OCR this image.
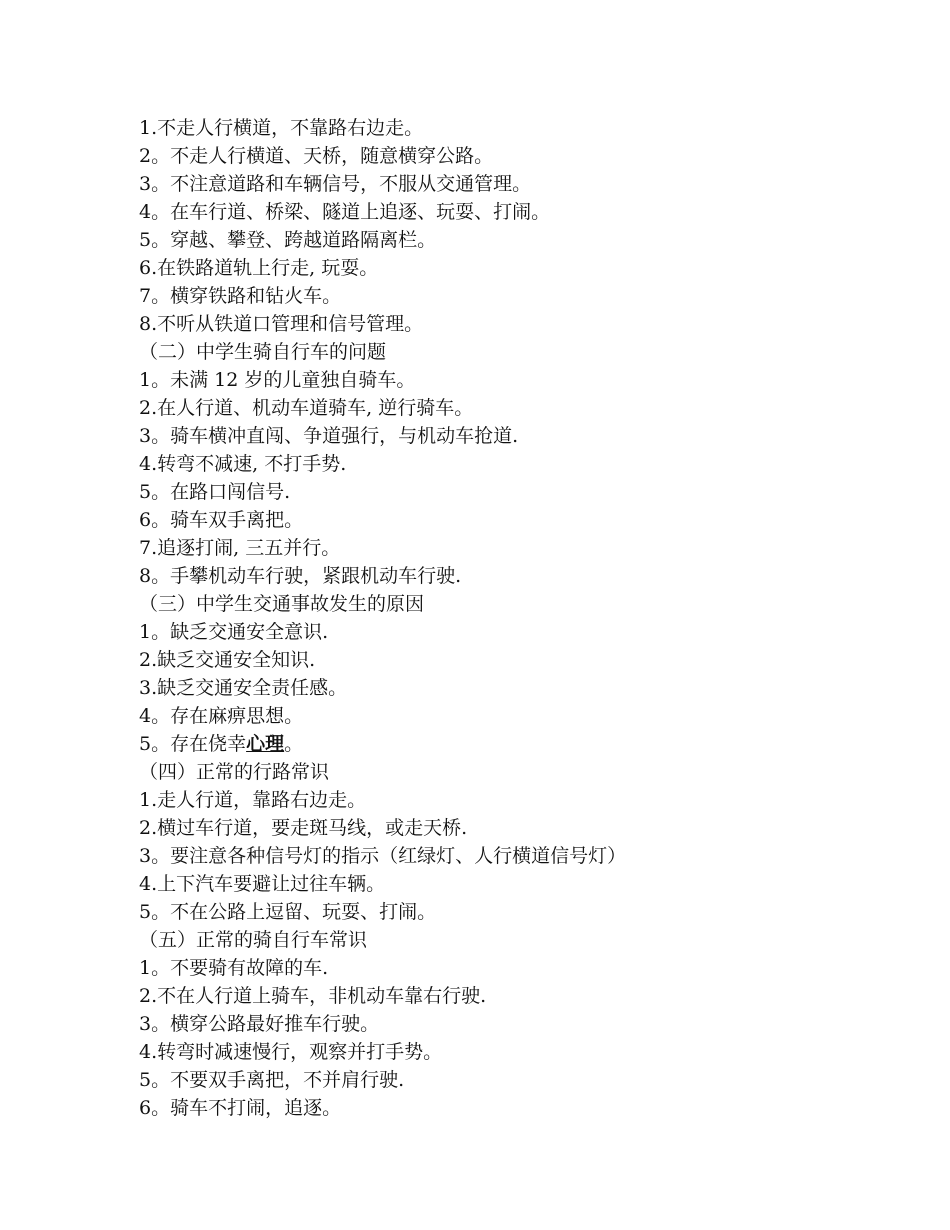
1.不走人行横道，不靠路右边走。
2。不走人行横道、天桥，随意横穿公路。
3。不注意道路和车辆信号，不服从交通管理。
4。在车行道、桥梁、隧道上追逐、玩耍、打闹。
5。穿越、攀登、跨越道路隔离栏。
6.在铁路道轨上行走, 玩耍。
7。横穿铁路和钻火车。
8.不听从铁道口管理和信号管理。
（二）中学生骑自行车的问题
1。未满 12 岁的儿童独自骑车。
2.在人行道、机动车道骑车, 逆行骑车。
3。骑车横冲直闯、争道强行，与机动车抢道.
4.转弯不减速, 不打手势.
5。在路口闯信号.
6。骑车双手离把。
7.追逐打闹, 三五并行。
8。手攀机动车行驶，紧跟机动车行驶.
（三）中学生交通事故发生的原因
1。缺乏交通安全意识.
2.缺乏交通安全知识.
3.缺乏交通安全责任感。
4。存在麻痹思想。
5。存在侥幸心理。
（四）正常的行路常识
1.走人行道，靠路右边走。
2.横过车行道，要走斑马线，或走天桥.
3。要注意各种信号灯的指示（红绿灯、人行横道信号灯）
4.上下汽车要避让过往车辆。
5。不在公路上逗留、玩耍、打闹。
（五）正常的骑自行车常识
1。不要骑有故障的车.
2.不在人行道上骑车，非机动车靠右行驶.
3。横穿公路最好推车行驶。
4.转弯时减速慢行，观察并打手势。
5。不要双手离把，不并肩行驶.
6。骑车不打闹，追逐。
